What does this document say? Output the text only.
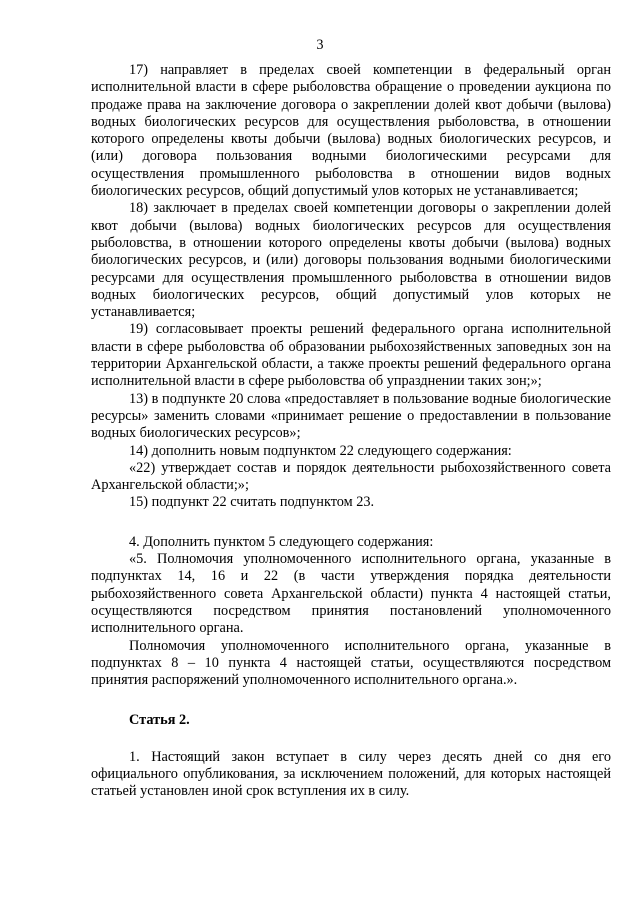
3

17) направляет в пределах своей компетенции в федеральный орган исполнительной власти в сфере рыболовства обращение о проведении аукциона по продаже права на заключение договора о закреплении долей квот добычи (вылова) водных биологических ресурсов для осуществления рыболовства, в отношении которого определены квоты добычи (вылова) водных биологических ресурсов, и (или) договора пользования водными биологическими ресурсами для осуществления промышленного рыболовства в отношении видов водных биологических ресурсов, общий допустимый улов которых не устанавливается;

18) заключает в пределах своей компетенции договоры о закреплении долей квот добычи (вылова) водных биологических ресурсов для осуществления рыболовства, в отношении которого определены квоты добычи (вылова) водных биологических ресурсов, и (или) договоры пользования водными биологическими ресурсами для осуществления промышленного рыболовства в отношении видов водных биологических ресурсов, общий допустимый улов которых не устанавливается;

19) согласовывает проекты решений федерального органа исполнительной власти в сфере рыболовства об образовании рыбохозяйственных заповедных зон на территории Архангельской области, а также проекты решений федерального органа исполнительной власти в сфере рыболовства об упразднении таких зон;»;

13) в подпункте 20 слова «предоставляет в пользование водные биологические ресурсы» заменить словами «принимает решение о предоставлении в пользование водных биологических ресурсов»;

14) дополнить новым подпунктом 22 следующего содержания:

«22) утверждает состав и порядок деятельности рыбохозяйственного совета Архангельской области;»;

15) подпункт 22 считать подпунктом 23.

4. Дополнить пунктом 5 следующего содержания:

«5. Полномочия уполномоченного исполнительного органа, указанные в подпунктах 14, 16 и 22 (в части утверждения порядка деятельности рыбохозяйственного совета Архангельской области) пункта 4 настоящей статьи, осуществляются посредством принятия постановлений уполномоченного исполнительного органа.

Полномочия уполномоченного исполнительного органа, указанные в подпунктах 8 – 10 пункта 4 настоящей статьи, осуществляются посредством принятия распоряжений уполномоченного исполнительного органа.».

Статья 2.

1. Настоящий закон вступает в силу через десять дней со дня его официального опубликования, за исключением положений, для которых настоящей статьей установлен иной срок вступления их в силу.
